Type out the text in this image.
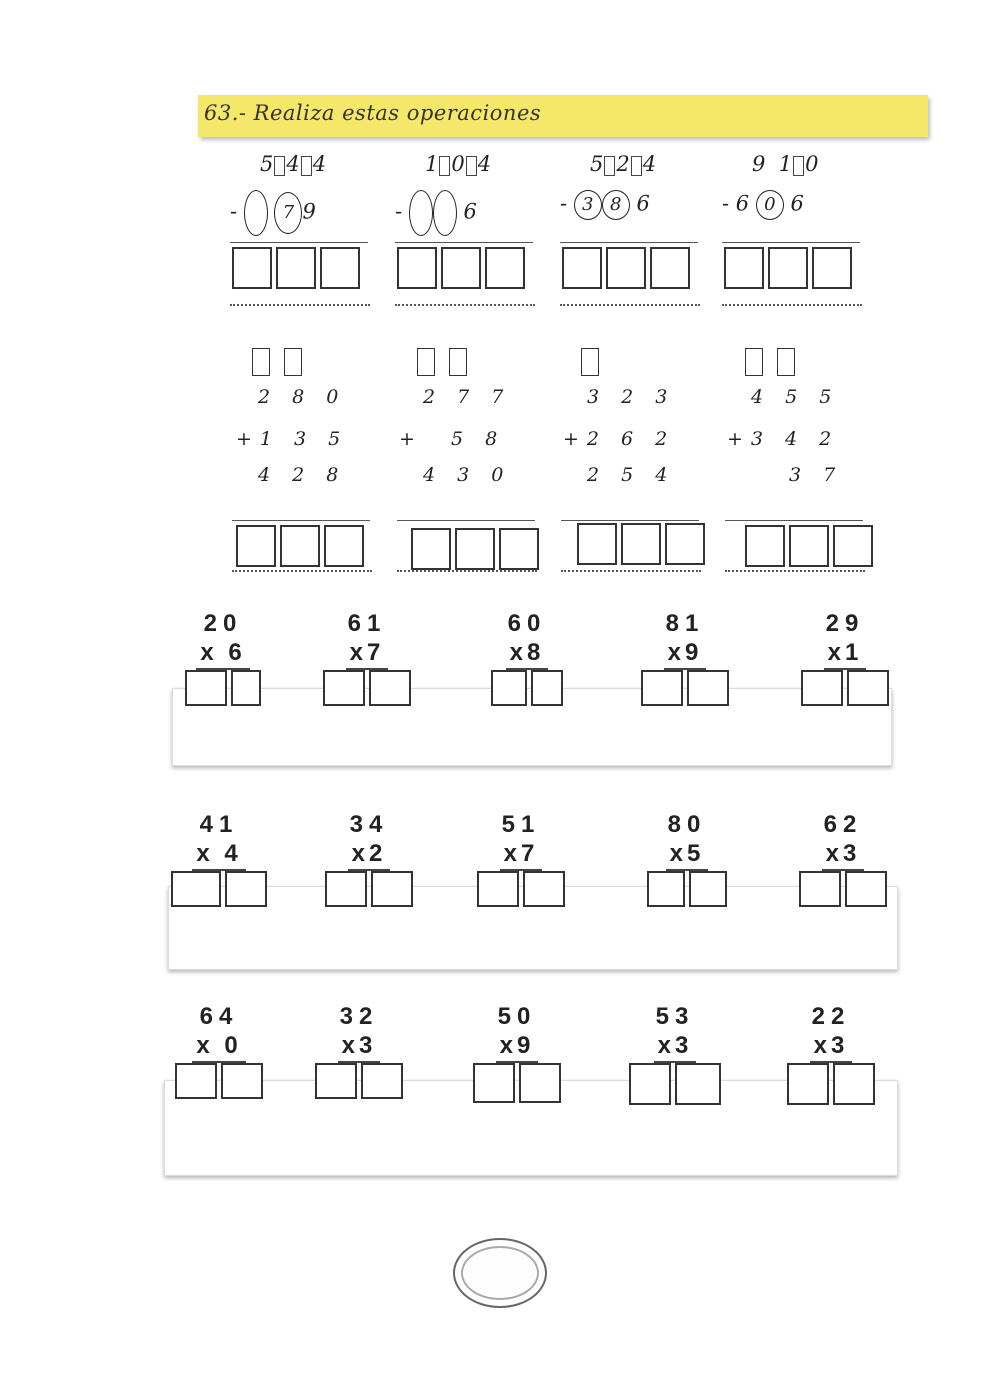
63.- Realiza estas operaciones
5 4 4
-  7 9
1 0 4
-	6
5 2 4
- 3 8 6
9 1 0
- 6 0 6
2 8 0
+1 3 5
4 2 8
2 7 7
+  5 8
4 3 0
3 2 3
+2 6 2
2 5 4
4 5 5
+3 4 2
3 7
20
x 6
61
x7
60
x8
81
x9
29
x1
41
x 4
34
x2
51
x7
80
x5
62
x3
64
x 0
32
x3
50
x9
53
x3
22
x3
